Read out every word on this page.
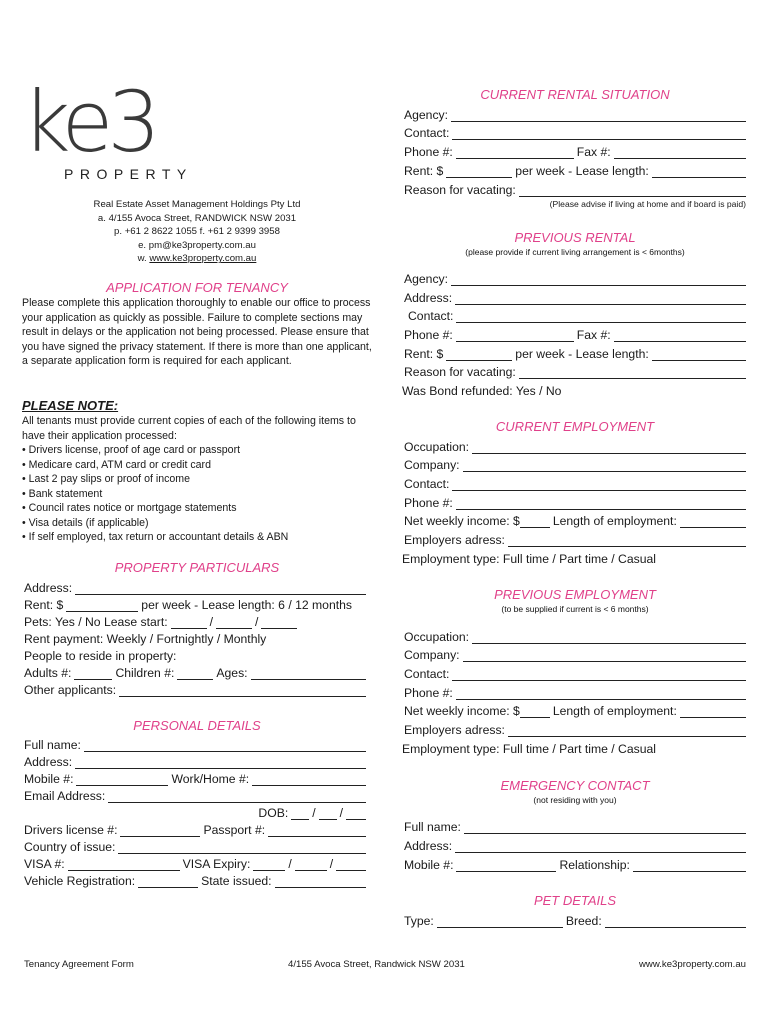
ke3
PROPERTY
Real Estate Asset Management Holdings Pty Ltd
a. 4/155 Avoca Street, RANDWICK NSW 2031
p. +61 2 8622 1055 f. +61 2 9399 3958
e. pm@ke3property.com.au
w. www.ke3property.com.au
APPLICATION FOR TENANCY
Please complete this application thoroughly to enable our office to process your application as quickly as possible. Failure to complete sections may result in delays or the application not being processed. Please ensure that you have signed the privacy statement. If there is more than one applicant, a separate application form is required for each applicant.
PLEASE NOTE:
All tenants must provide current copies of each of the following items to have their application processed:
• Drivers license, proof of age card or passport
• Medicare card, ATM card or credit card
• Last 2 pay slips or proof of income
• Bank statement
• Council rates notice or mortgage statements
• Visa details (if applicable)
• If self employed, tax return or accountant details & ABN
PROPERTY PARTICULARS
Address:
Rent: $	per week - Lease length: 6 / 12 months
Pets: Yes / No Lease start:	/	/
Rent payment: Weekly / Fortnightly / Monthly
People to reside in property:
Adults #:	Children #:	Ages:
Other applicants:
PERSONAL DETAILS
Full name:
Address:
Mobile #:	Work/Home #:
Email Address:
DOB: / /
Drivers license #:	Passport #:
Country of issue:
VISA #:	VISA Expiry:	/	/
Vehicle Registration:	State issued:
CURRENT RENTAL SITUATION
Agency:
Contact:
Phone #:	Fax #:
Rent: $	per week - Lease length:
Reason for vacating:
(Please advise if living at home and if board is paid)
PREVIOUS RENTAL
(please provide if current living arrangement is < 6months)
Agency:
Address:
Contact:
Phone #:	Fax #:
Rent: $	per week - Lease length:
Reason for vacating:
Was Bond refunded: Yes / No
CURRENT EMPLOYMENT
Occupation:
Company:
Contact:
Phone #:
Net weekly income: $	Length of employment:
Employers adress:
Employment type: Full time / Part time / Casual
PREVIOUS EMPLOYMENT
(to be supplied if current is < 6 months)
Occupation:
Company:
Contact:
Phone #:
Net weekly income: $	Length of employment:
Employers adress:
Employment type: Full time / Part time / Casual
EMERGENCY CONTACT
(not residing with you)
Full name:
Address:
Mobile #:	Relationship:
PET DETAILS
Type:	Breed:
Tenancy Agreement Form	4/155 Avoca Street, Randwick NSW 2031	www.ke3property.com.au
